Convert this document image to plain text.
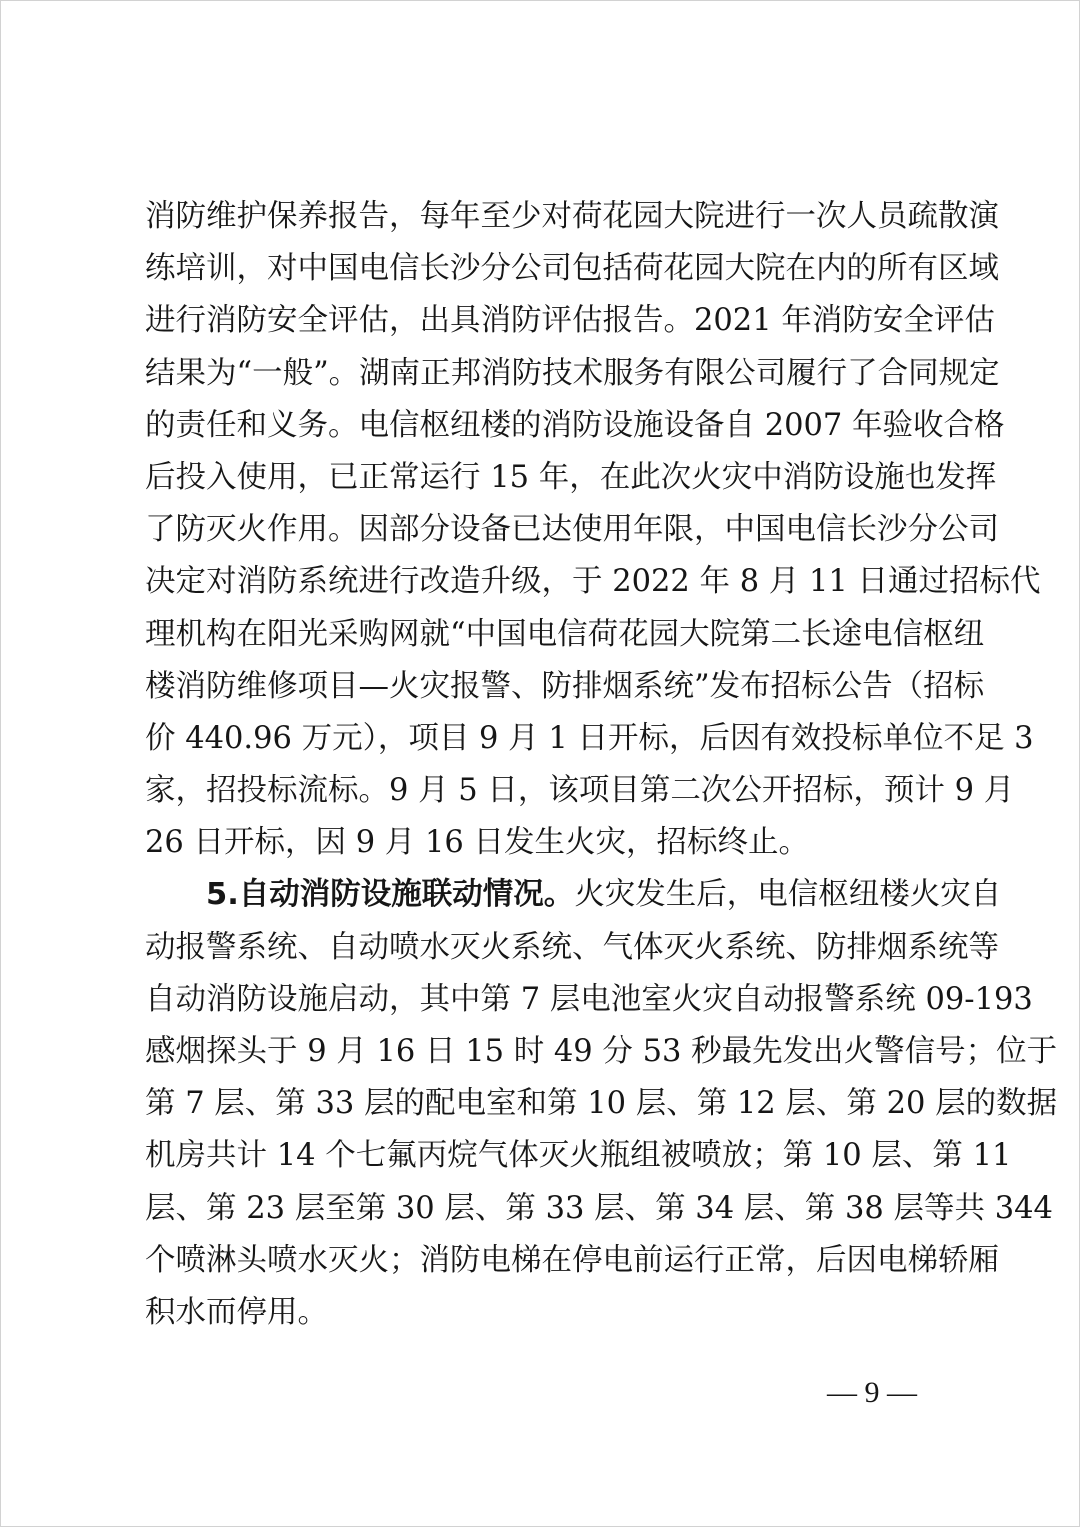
消防维护保养报告，每年至少对荷花园大院进行一次人员疏散演
练培训，对中国电信长沙分公司包括荷花园大院在内的所有区域
进行消防安全评估，出具消防评估报告。2021 年消防安全评估
结果为“一般”。湖南正邦消防技术服务有限公司履行了合同规定
的责任和义务。电信枢纽楼的消防设施设备自 2007 年验收合格
后投入使用，已正常运行 15 年，在此次火灾中消防设施也发挥
了防灭火作用。因部分设备已达使用年限，中国电信长沙分公司
决定对消防系统进行改造升级，于 2022 年 8 月 11 日通过招标代
理机构在阳光采购网就“中国电信荷花园大院第二长途电信枢纽
楼消防维修项目—火灾报警、防排烟系统”发布招标公告（招标
价 440.96 万元），项目 9 月 1 日开标，后因有效投标单位不足 3
家，招投标流标。9 月 5 日，该项目第二次公开招标，预计 9 月
26 日开标，因 9 月 16 日发生火灾，招标终止。
5.自动消防设施联动情况。火灾发生后，电信枢纽楼火灾自
动报警系统、自动喷水灭火系统、气体灭火系统、防排烟系统等
自动消防设施启动，其中第 7 层电池室火灾自动报警系统 09-193
感烟探头于 9 月 16 日 15 时 49 分 53 秒最先发出火警信号；位于
第 7 层、第 33 层的配电室和第 10 层、第 12 层、第 20 层的数据
机房共计 14 个七氟丙烷气体灭火瓶组被喷放；第 10 层、第 11
层、第 23 层至第 30 层、第 33 层、第 34 层、第 38 层等共 344
个喷淋头喷水灭火；消防电梯在停电前运行正常，后因电梯轿厢
积水而停用。
— 9 —
